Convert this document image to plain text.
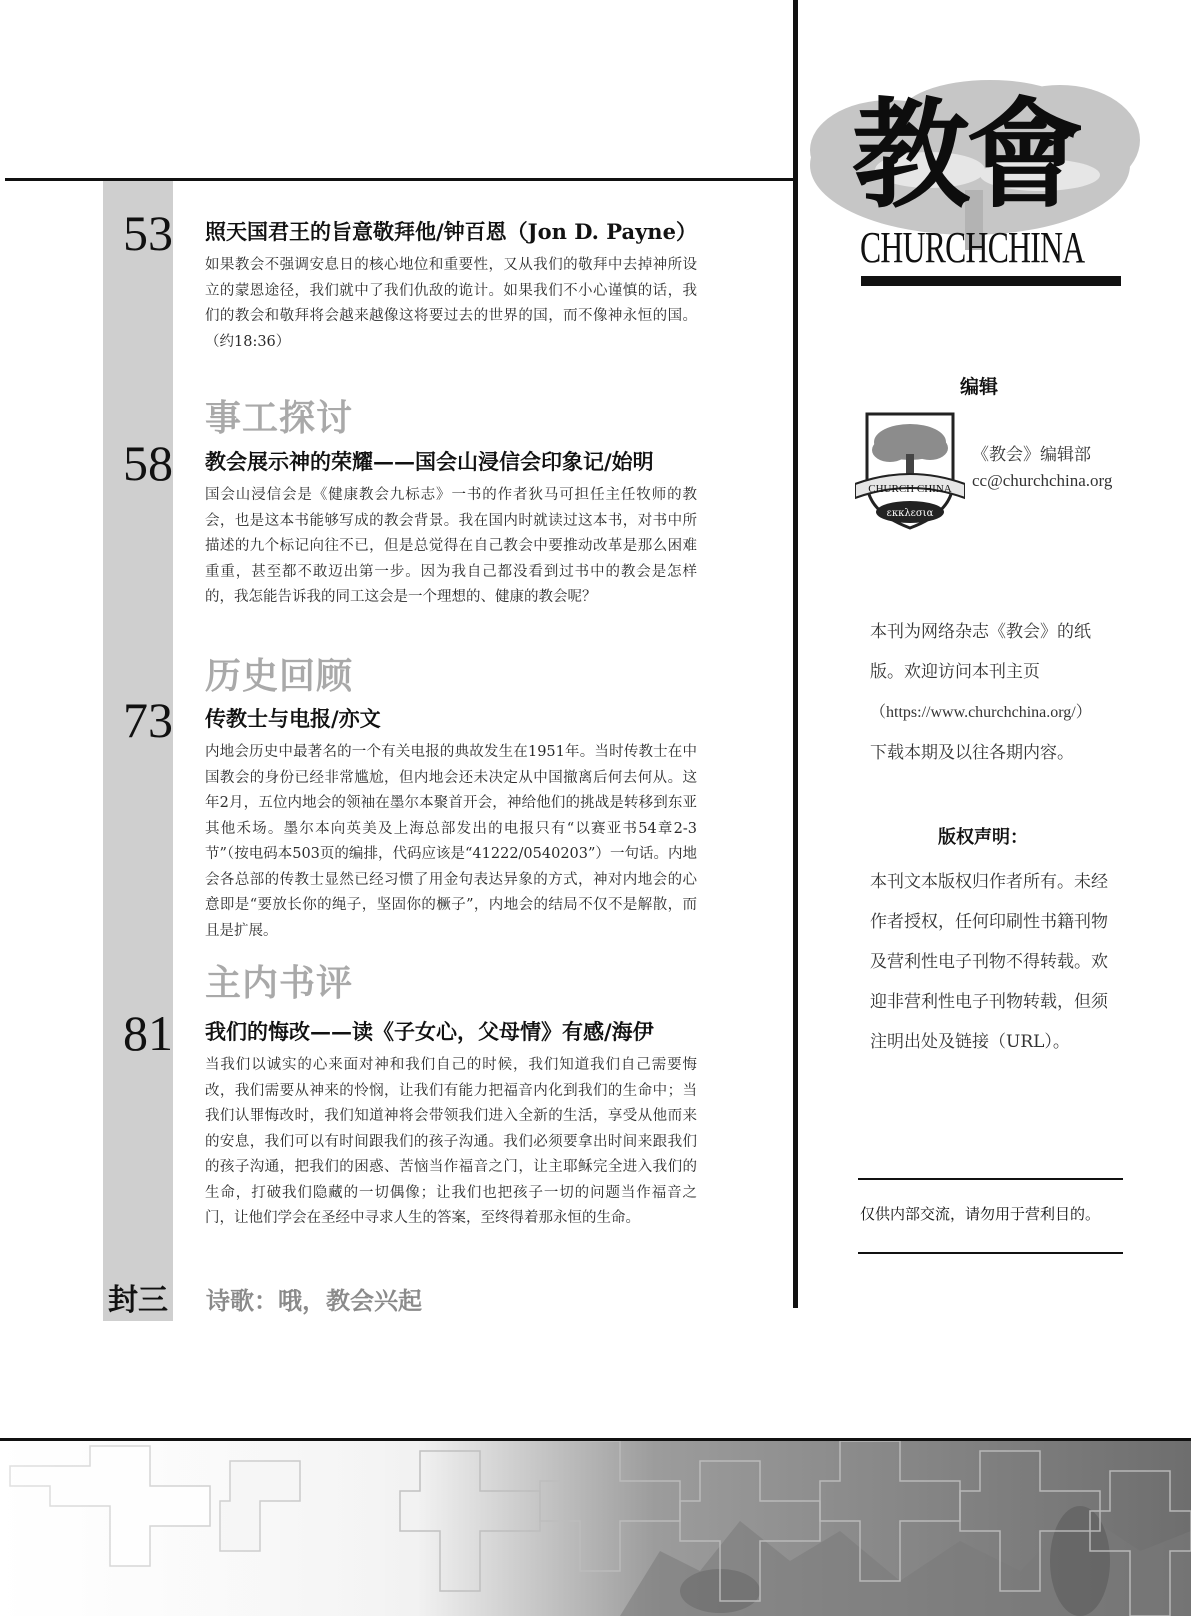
53 照天国君王的旨意敬拜他/钟百恩（Jon D. Payne）
如果教会不强调安息日的核心地位和重要性，又从我们的敬拜中去掉神所设立的蒙恩途径，我们就中了我们仇敌的诡计。如果我们不小心谨慎的话，我们的教会和敬拜将会越来越像这将要过去的世界的国，而不像神永恒的国。（约18:36）
事工探讨
58 教会展示神的荣耀——国会山浸信会印象记/始明
国会山浸信会是《健康教会九标志》一书的作者狄马可担任主任牧师的教会，也是这本书能够写成的教会背景。我在国内时就读过这本书，对书中所描述的九个标记向往不已，但是总觉得在自己教会中要推动改革是那么困难重重，甚至都不敢迈出第一步。因为我自己都没看到过书中的教会是怎样的，我怎能告诉我的同工这会是一个理想的、健康的教会呢？
历史回顾
73 传教士与电报/亦文
内地会历史中最著名的一个有关电报的典故发生在1951年。当时传教士在中国教会的身份已经非常尴尬，但内地会还未决定从中国撤离后何去何从。这年2月，五位内地会的领袖在墨尔本聚首开会，神给他们的挑战是转移到东亚其他禾场。墨尔本向英美及上海总部发出的电报只有“以赛亚书54章2-3节”（按电码本503页的编排，代码应该是“41222/0540203”）一句话。内地会各总部的传教士显然已经习惯了用金句表达异象的方式，神对内地会的心意即是“要放长你的绳子，坚固你的橛子”，内地会的结局不仅不是解散，而且是扩展。
主内书评
81 我们的悔改——读《子女心，父母情》有感/海伊
当我们以诚实的心来面对神和我们自己的时候，我们知道我们自己需要悔改，我们需要从神来的怜悯，让我们有能力把福音内化到我们的生命中；当我们认罪悔改时，我们知道神将会带领我们进入全新的生活，享受从他而来的安息，我们可以有时间跟我们的孩子沟通。我们必须要拿出时间来跟我们的孩子沟通，把我们的困惑、苦恼当作福音之门，让主耶稣完全进入我们的生命，打破我们隐藏的一切偶像；让我们也把孩子一切的问题当作福音之门，让他们学会在圣经中寻求人生的答案，至终得着那永恒的生命。
封三 诗歌：哦，教会兴起
教會
CHURCHCHINA
编辑
CHURCH CHINA
εκκλεσια
《教会》编辑部
cc@churchchina.org
本刊为网络杂志《教会》的纸版。欢迎访问本刊主页
（https://www.churchchina.org/）
下载本期及以往各期内容。
版权声明：
本刊文本版权归作者所有。未经作者授权，任何印刷性书籍刊物及营利性电子刊物不得转载。欢迎非营利性电子刊物转载，但须注明出处及链接（URL）。
仅供内部交流，请勿用于营利目的。
